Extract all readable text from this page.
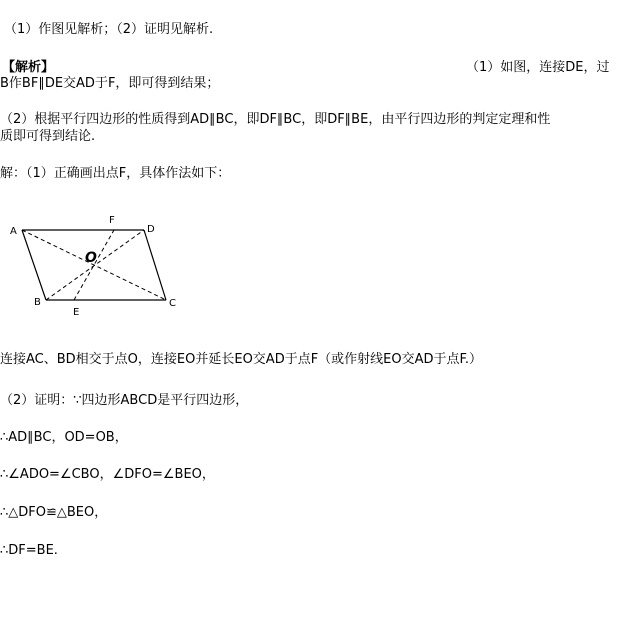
（1）作图见解析；（2）证明见解析.
【解析】	（1）如图，连接DE，过
B作BF∥DE交AD于F，即可得到结果；
（2）根据平行四边形的性质得到AD∥BC，即DF∥BC，即DF∥BE，由平行四边形的判定定理和性
质即可得到结论.
解：（1）正确画出点F，具体作法如下：
A	D
F
O
B	C
E
连接AC、BD相交于点O，连接EO并延长EO交AD于点F（或作射线EO交AD于点F.）
（2）证明：∵四边形ABCD是平行四边形，
∴AD∥BC，OD=OB，
∴∠ADO=∠CBO，∠DFO=∠BEO，
∴△DFO≌△BEO，
∴DF=BE.
